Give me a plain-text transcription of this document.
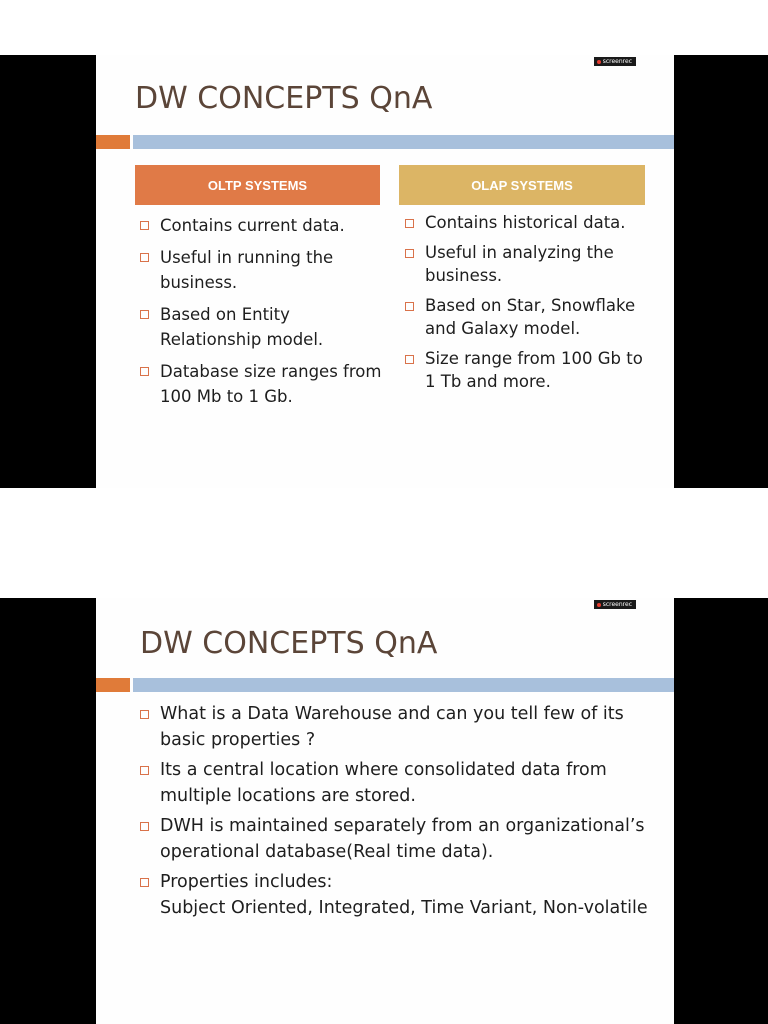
screenrec
DW CONCEPTS QnA
OLTP SYSTEMS	OLAP SYSTEMS
Contains current data.
Useful in running the business.
Based on Entity Relationship model.
Database size ranges from 100 Mb to 1 Gb.
Contains historical data.
Useful in analyzing the business.
Based on Star, Snowflake and Galaxy model.
Size range from 100 Gb to 1 Tb and more.
screenrec
DW CONCEPTS QnA
What is a Data Warehouse and can you tell few of its basic properties ?
Its a central location where consolidated data from multiple locations are stored.
DWH is maintained separately from an organizational’s operational database(Real time data).
Properties includes:
Subject Oriented, Integrated, Time Variant, Non-volatile
